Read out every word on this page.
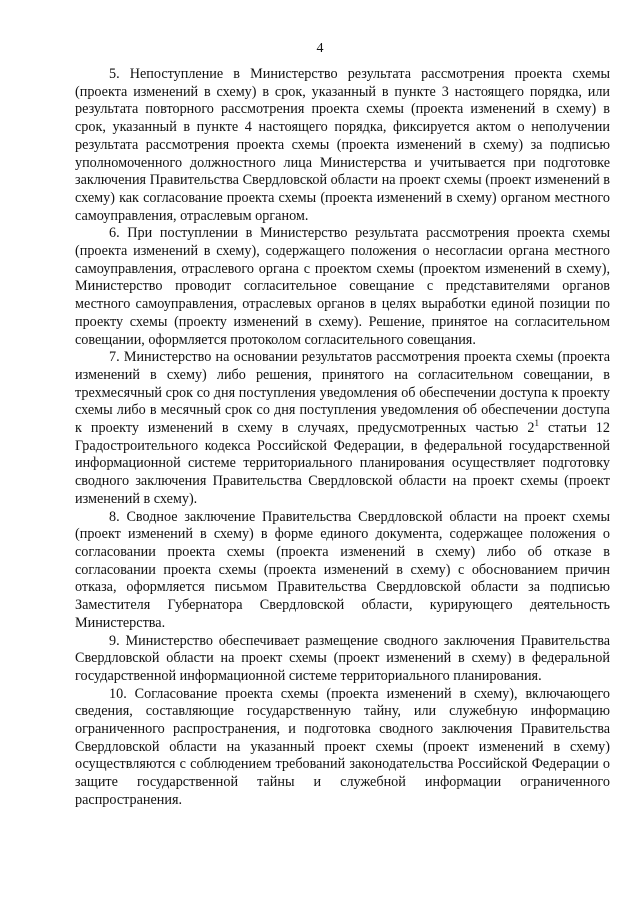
4

5. Непоступление в Министерство результата рассмотрения проекта схемы (проекта изменений в схему) в срок, указанный в пункте 3 настоящего порядка, или результата повторного рассмотрения проекта схемы (проекта изменений в схему) в срок, указанный в пункте 4 настоящего порядка, фиксируется актом о неполучении результата рассмотрения проекта схемы (проекта изменений в схему) за подписью уполномоченного должностного лица Министерства и учитывается при подготовке заключения Правительства Свердловской области на проект схемы (проект изменений в схему) как согласование проекта схемы (проекта изменений в схему) органом местного самоуправления, отраслевым органом.

6. При поступлении в Министерство результата рассмотрения проекта схемы (проекта изменений в схему), содержащего положения о несогласии органа местного самоуправления, отраслевого органа с проектом схемы (проектом изменений в схему), Министерство проводит согласительное совещание с представителями органов местного самоуправления, отраслевых органов в целях выработки единой позиции по проекту схемы (проекту изменений в схему). Решение, принятое на согласительном совещании, оформляется протоколом согласительного совещания.

7. Министерство на основании результатов рассмотрения проекта схемы (проекта изменений в схему) либо решения, принятого на согласительном совещании, в трехмесячный срок со дня поступления уведомления об обеспечении доступа к проекту схемы либо в месячный срок со дня поступления уведомления об обеспечении доступа к проекту изменений в схему в случаях, предусмотренных частью $2^1$ статьи 12 Градостроительного кодекса Российской Федерации, в федеральной государственной информационной системе территориального планирования осуществляет подготовку сводного заключения Правительства Свердловской области на проект схемы (проект изменений в схему).

8. Сводное заключение Правительства Свердловской области на проект схемы (проект изменений в схему) в форме единого документа, содержащее положения о согласовании проекта схемы (проекта изменений в схему) либо об отказе в согласовании проекта схемы (проекта изменений в схему) с обоснованием причин отказа, оформляется письмом Правительства Свердловской области за подписью Заместителя Губернатора Свердловской области, курирующего деятельность Министерства.

9. Министерство обеспечивает размещение сводного заключения Правительства Свердловской области на проект схемы (проект изменений в схему) в федеральной государственной информационной системе территориального планирования.

10. Согласование проекта схемы (проекта изменений в схему), включающего сведения, составляющие государственную тайну, или служебную информацию ограниченного распространения, и подготовка сводного заключения Правительства Свердловской области на указанный проект схемы (проект изменений в схему) осуществляются с соблюдением требований законодательства Российской Федерации о защите государственной тайны и служебной информации ограниченного распространения.
